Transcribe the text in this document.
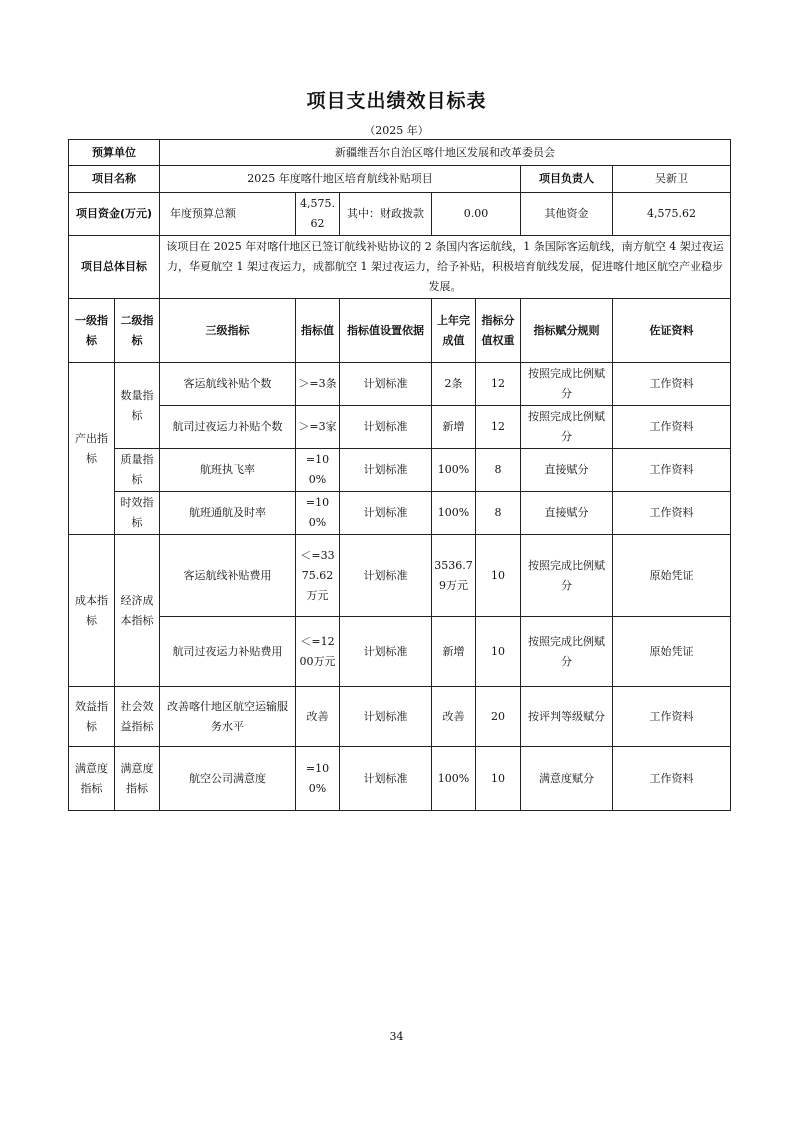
项目支出绩效目标表
（2025 年）
预算单位		新疆维吾尔自治区喀什地区发展和改革委员会						
项目名称		2025 年度喀什地区培育航线补贴项目					项目负责人	吴新卫
项目资金(万元)		年度预算总额	4,575.62	其中：财政拨款	0.00		其他资金	4,575.62
项目总体目标		该项目在 2025 年对喀什地区已签订航线补贴协议的 2 条国内客运航线，1 条国际客运航线，南方航空 4 架过夜运力，华夏航空 1 架过夜运力，成都航空 1 架过夜运力，给予补贴，积极培育航线发展，促进喀什地区航空产业稳步发展。						
一级指标	二级指标	三级指标	指标值	指标值设置依据	上年完成值	指标分值权重	指标赋分规则	佐证资料
产出指标	数量指标	客运航线补贴个数	＞=3条	计划标准	2条	12	按照完成比例赋分	工作资料
		航司过夜运力补贴个数	＞=3家	计划标准	新增	12	按照完成比例赋分	工作资料
	质量指标	航班执飞率	=100%	计划标准	100%	8	直接赋分	工作资料
	时效指标	航班通航及时率	=100%	计划标准	100%	8	直接赋分	工作资料
成本指标	经济成本指标	客运航线补贴费用	＜=3375.62万元	计划标准	3536.79万元	10	按照完成比例赋分	原始凭证
		航司过夜运力补贴费用	＜=1200万元	计划标准	新增	10	按照完成比例赋分	原始凭证
效益指标	社会效益指标	改善喀什地区航空运输服务水平	改善	计划标准	改善	20	按评判等级赋分	工作资料
满意度指标	满意度指标	航空公司满意度	=100%	计划标准	100%	10	满意度赋分	工作资料
34
